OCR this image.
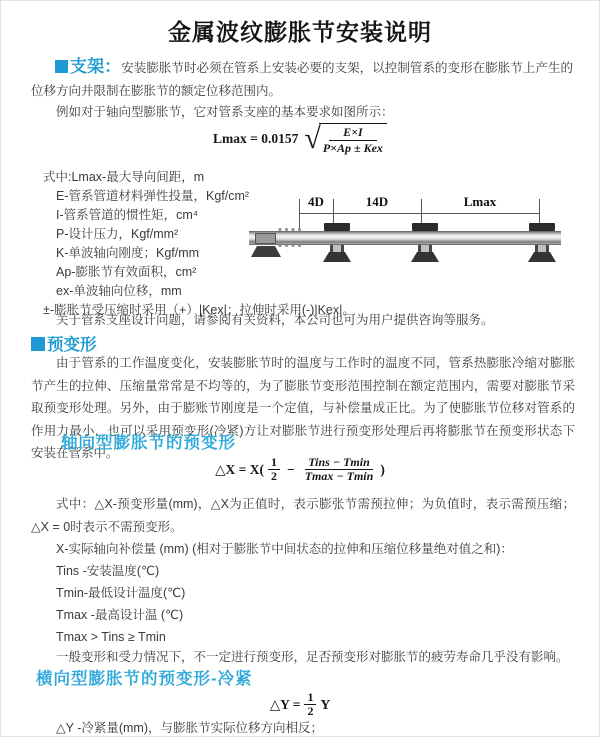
金属波纹膨胀节安装说明
支架：安装膨胀节时必须在管系上安装必要的支架，以控制管系的变形在膨胀节上产生的位移方向并限制在膨胀节的额定位移范围内。
例如对于轴向型膨胀节，它对管系支座的基本要求如图所示：
Lmax = 0.0157 √	E×I
P×Ap ± Kex
式中:Lmax-最大导向间距，m
E-管系管道材料弹性投量，Kgf/cm²
I-管系管道的惯性矩，cm⁴
P-设计压力，Kgf/mm²
K-单波轴向刚度；Kgf/mm
Ap-膨胀节有效面积，cm²
ex-单波轴向位移，mm
±-膨胀节受压缩时采用（+）|Kex|；拉伸时采用(-)|Kex|。
4D	14D	Lmax
关于管系支座设计问题，请参阅有关资料，本公司也可为用户提供咨询等服务。
预变形
由于管系的工作温度变化，安装膨胀节时的温度与工作时的温度不同，管系热膨胀冷缩对膨胀节产生的拉伸、压缩量常常是不均等的，为了膨胀节变形范围控制在额定范围内，需要对膨胀节采取预变形处理。另外，由于膨账节刚度是一个定值，与补偿量成正比。为了使膨胀节位移对管系的作用力最小，也可以采用预变形(冷紧)方让对膨胀节进行预变形处理后再将膨胀节在预变形状态下安装在管系中。
轴向型膨胀节的预变形
△X = $X( \frac{1}{2} - \frac{\text{Tins − Tmin}}{Tmax - Tmin}$ )
式中：△X-预变形量(mm)，△X为正值时，表示膨张节需预拉伸；为负值时，表示需预压缩；△X = 0时表示不需预变形。
X-实际轴向补偿量 (mm) (相对于膨胀节中间状态的拉伸和压缩位移量绝对值之和)：
Tins -安装温度(℃)
Tmin-最低设计温度(℃)
Tmax -最高设计温 (℃)
Tmax > Tins ≥ Tmin
一般变形和受力情况下，不一定进行预变形，足否预变形对膨胀节的疲劳寿命几乎没有影响。
横向型膨胀节的预变形-冷紧
△Y = $\frac{1}{2}$ Y
△Y -冷紧量(mm)，与膨胀节实际位移方向相反；
